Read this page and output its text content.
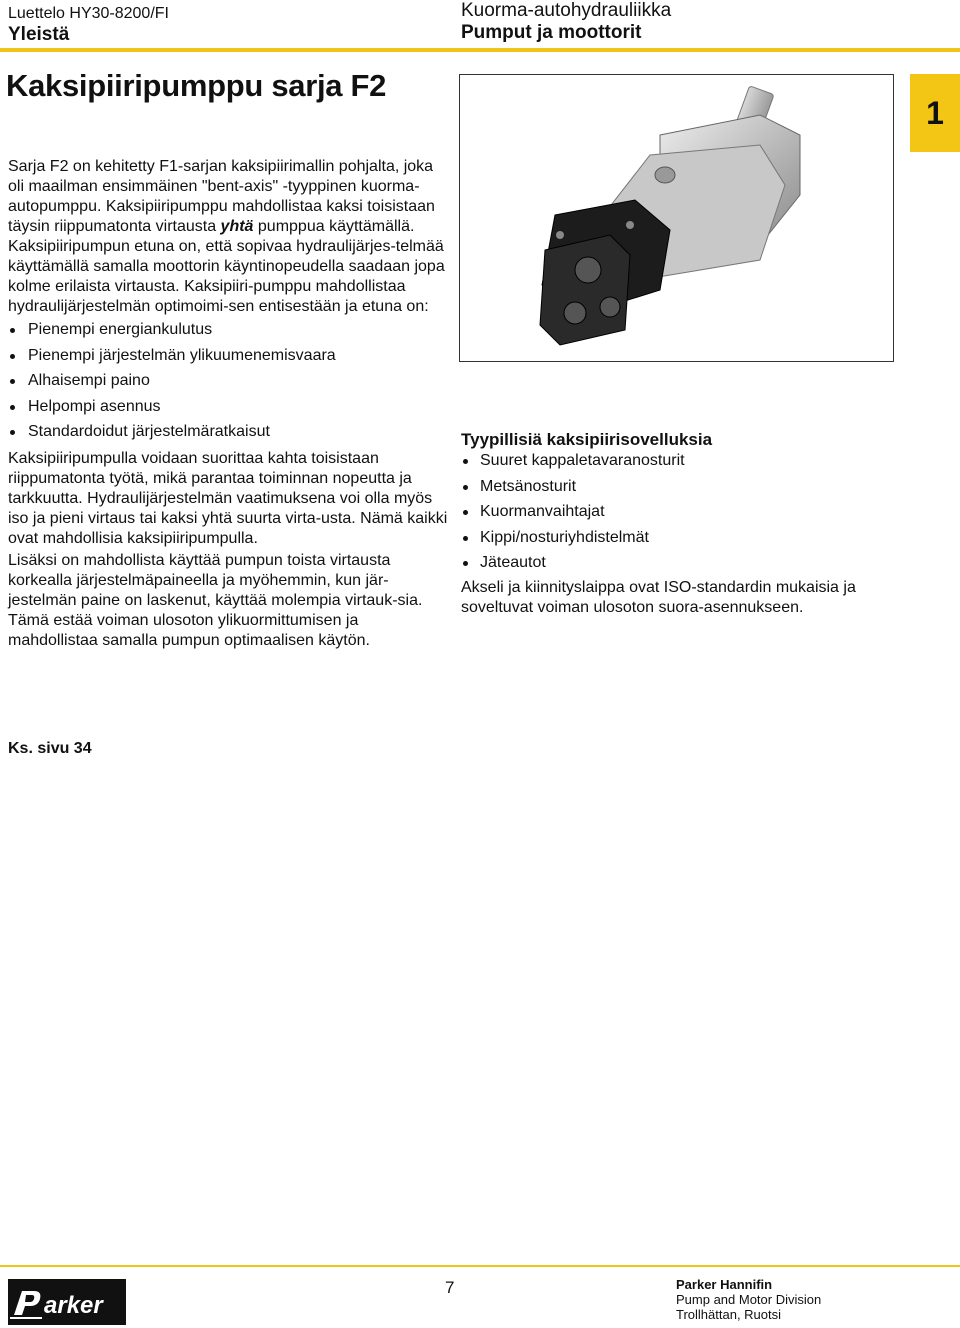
Luettelo HY30-8200/FI
Yleistä
Kuorma-autohydrauliikka
Pumput ja moottorit
Kaksipiiripumppu sarja F2
1

Sarja F2 on kehitetty F1-sarjan kaksipiirimallin pohjalta, joka oli maailman ensimmäinen "bent-axis" -tyyppinen kuorma-autopumppu. Kaksipiiripumppu mahdollistaa kaksi toisistaan täysin riippumatonta virtausta yhtä pumppua käyttämällä.

Kaksipiiripumpun etuna on, että sopivaa hydraulijärjes-telmää käyttämällä samalla moottorin käyntinopeudella saadaan jopa kolme erilaista virtausta. Kaksipiiri-pumppu mahdollistaa hydraulijärjestelmän optimoimi-sen entisestään ja etuna on:

Pienempi energiankulutus
Pienempi järjestelmän ylikuumenemisvaara
Alhaisempi paino
Helpompi asennus
Standardoidut järjestelmäratkaisut

Kaksipiiripumpulla voidaan suorittaa kahta toisistaan riippumatonta työtä, mikä parantaa toiminnan nopeutta ja tarkkuutta. Hydraulijärjestelmän vaatimuksena voi olla myös iso ja pieni virtaus tai kaksi yhtä suurta virta-usta. Nämä kaikki ovat mahdollisia kaksipiiripumpulla.

Lisäksi on mahdollista käyttää pumpun toista virtausta korkealla järjestelmäpaineella ja myöhemmin, kun jär-jestelmän paine on laskenut, käyttää molempia virtauk-sia. Tämä estää voiman ulosoton ylikuormittumisen ja mahdollistaa samalla pumpun optimaalisen käytön.

Tyypillisiä kaksipiirisovelluksia
Suuret kappaletavaranosturit
Metsänosturit
Kuormanvaihtajat
Kippi/nosturiyhdistelmät
Jäteautot

Akseli ja kiinnityslaippa ovat ISO-standardin mukaisia ja soveltuvat voiman ulosoton suora-asennukseen.

Ks. sivu 34
arker
7	Parker Hannifin
Pump and Motor Division
Trollhättan, Ruotsi
